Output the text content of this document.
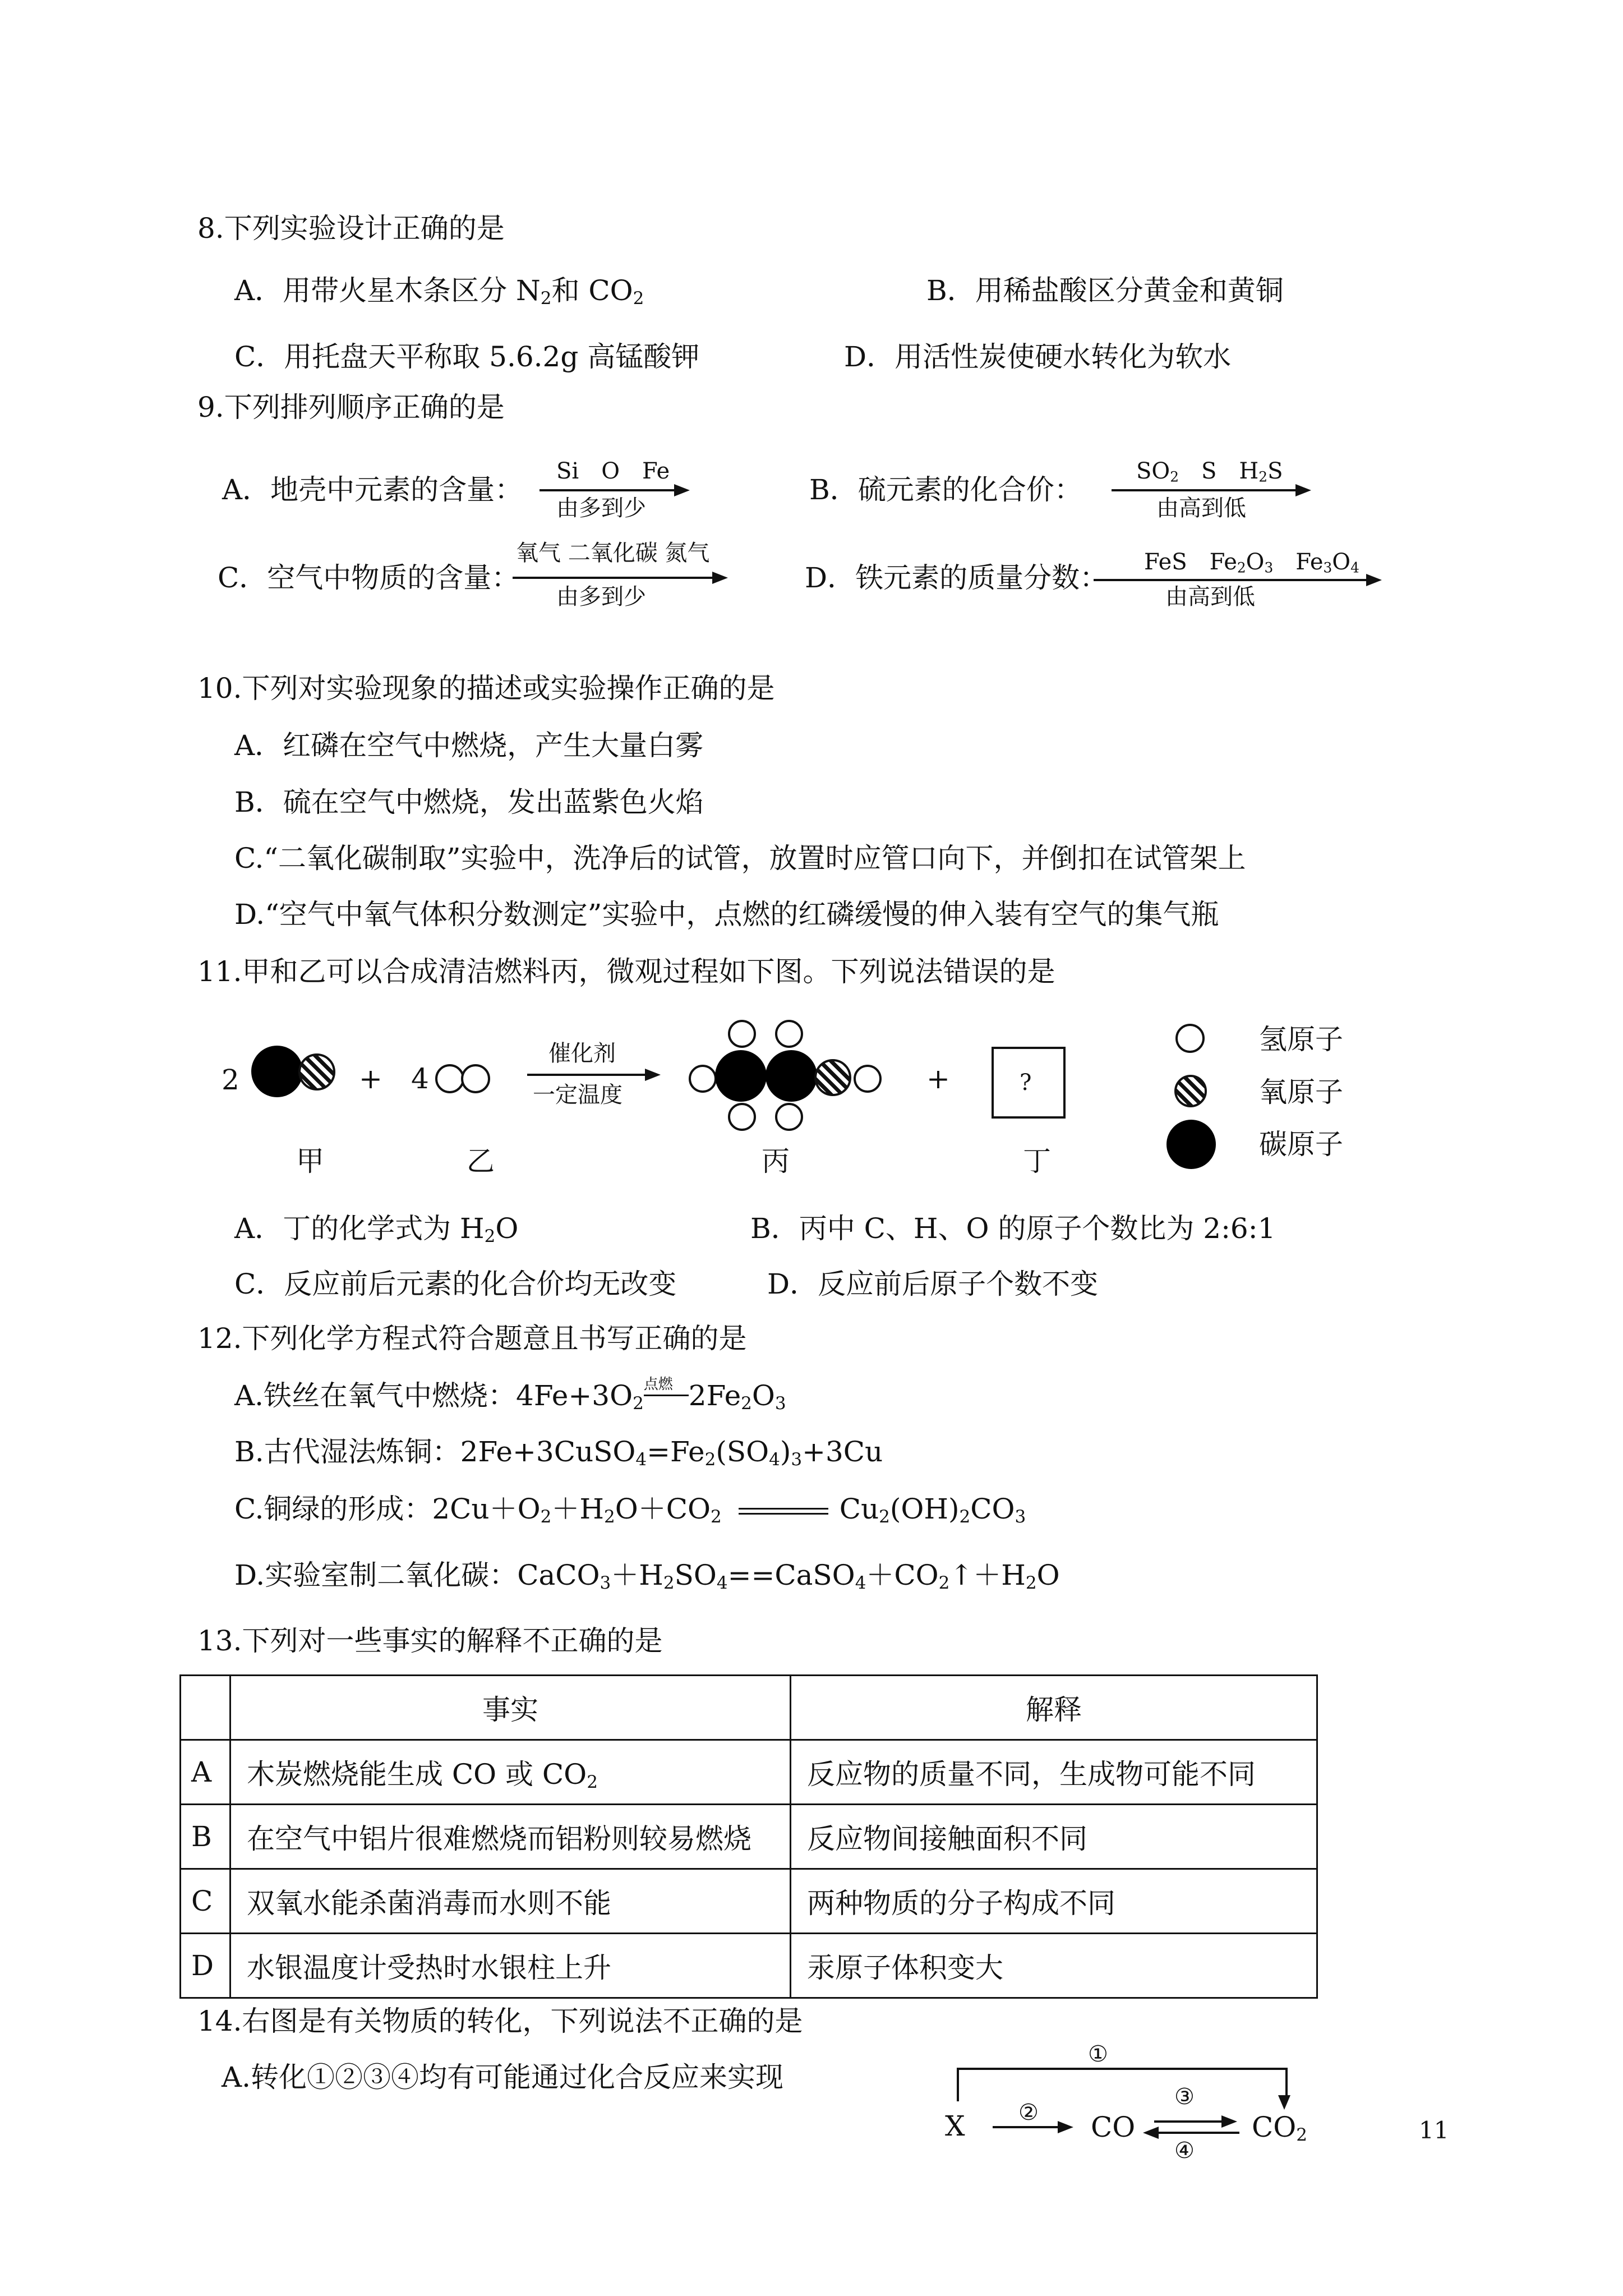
8.下列实验设计正确的是
A．用带火星木条区分 $N_2$和 $CO_2$	B．用稀盐酸区分黄金和黄铜
C．用托盘天平称取 5.6.2g 高锰酸钾	D．用活性炭使硬水转化为软水
9.下列排列顺序正确的是
A．地壳中元素的含量：
Si　O　Fe
由多到少
B．硫元素的化合价：
$SO_2$　S　$H_2S$
由高到低
C．空气中物质的含量：
氧气 二氧化碳 氮气
由多到少
D．铁元素的质量分数： FeS　$Fe_2O_3$　$Fe_3O_4$
由高到低
10.下列对实验现象的描述或实验操作正确的是
A．红磷在空气中燃烧，产生大量白雾
B．硫在空气中燃烧，发出蓝紫色火焰
C.“二氧化碳制取”实验中，洗净后的试管，放置时应管口向下，并倒扣在试管架上
D.“空气中氧气体积分数测定”实验中，点燃的红磷缓慢的伸入装有空气的集气瓶
11.甲和乙可以合成清洁燃料丙，微观过程如下图。下列说法错误的是
2	+ 4
催化剂
一定温度	+	?
甲	乙	丙	丁
氢原子
氧原子
碳原子
A．丁的化学式为 $H_2O$	B．丙中 C、H、O 的原子个数比为 2:6:1
C．反应前后元素的化合价均无改变	D．反应前后原子个数不变
12.下列化学方程式符合题意且书写正确的是
A.铁丝在氧气中燃烧：$4Fe+3O_2$
点燃 $2Fe_2O_3$
B.古代湿法炼铜：$2Fe+3CuSO_4=Fe_2(SO_4)_3+3Cu$
C.铜绿的形成：$2Cu+O_2+H_2O+CO_2$	$Cu_2(OH)_2CO_3$
D.实验室制二氧化碳：$CaCO_3+H_2SO_4==CaSO_4+CO_2↑+H_2O$
13.下列对一些事实的解释不正确的是
	事实	解释
A	木炭燃烧能生成 CO 或 $CO_2$	反应物的质量不同，生成物可能不同
B	在空气中铝片很难燃烧而铝粉则较易燃烧	反应物间接触面积不同
C	双氧水能杀菌消毒而水则不能	两种物质的分子构成不同
D	水银温度计受热时水银柱上升	汞原子体积变大
14.右图是有关物质的转化，下列说法不正确的是
A.转化①②③④均有可能通过化合反应来实现
①
X ② CO
③
④
$CO_2$	11
